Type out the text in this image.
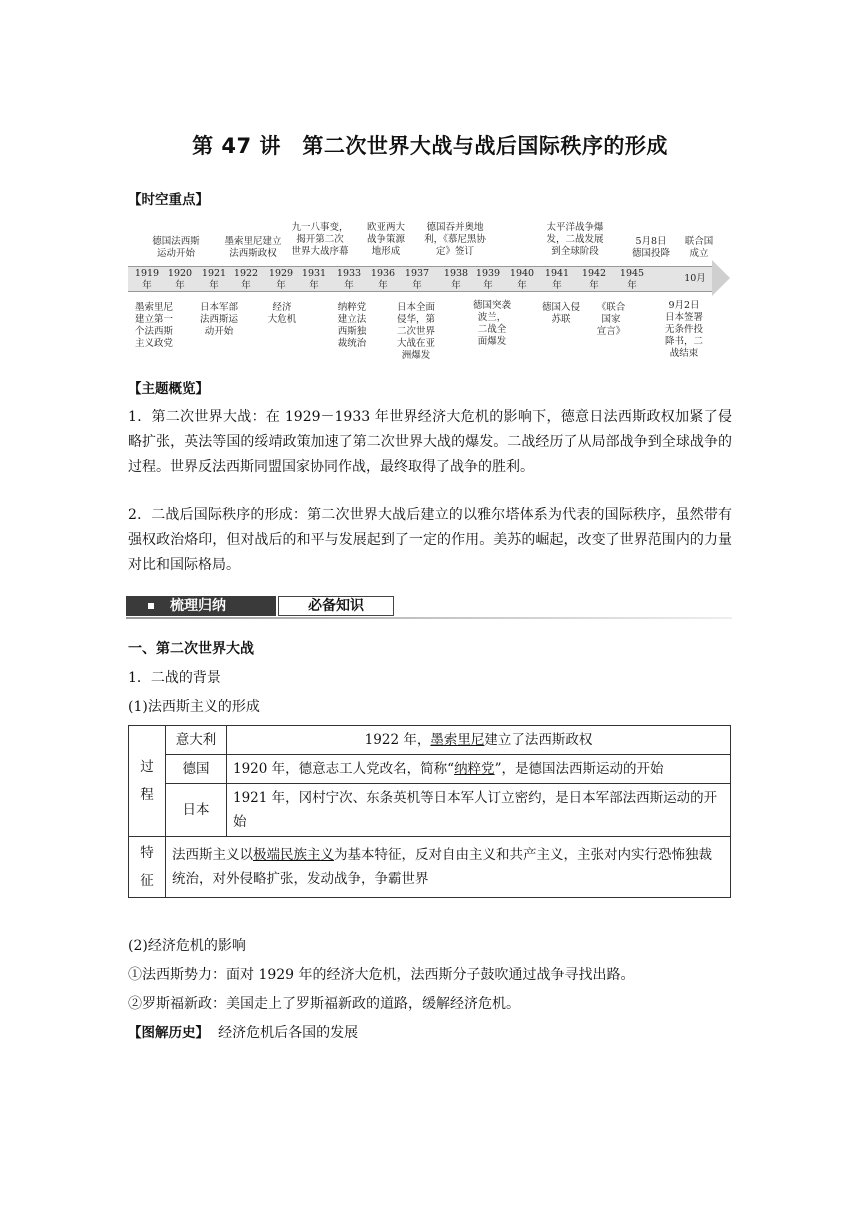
第 47 讲　第二次世界大战与战后国际秩序的形成
【时空重点】
德国法西斯
运动开始
墨索里尼建立
法西斯政权
九一八事变，
揭开第二次
世界大战序幕
欧亚两大
战争策源
地形成
德国吞并奥地
利，《慕尼黑协
定》签订
太平洋战争爆
发，二战发展
到全球阶段
5月8日
德国投降
联合国
成立
1919
年
1920
年
1921
年
1922
年
1929
年
1931
年
1933
年
1936
年
1937
年
1938
年
1939
年
1940
年
1941
年
1942
年
1945
年
10月
墨索里尼
建立第一
个法西斯
主义政党
日本军部
法西斯运
动开始
经济
大危机
纳粹党
建立法
西斯独
裁统治
日本全面
侵华，第
二次世界
大战在亚
洲爆发
德国突袭
波兰，
二战全
面爆发
德国入侵
苏联
《联合
国家
宣言》
9月2日
日本签署
无条件投
降书，二
战结束
【主题概览】
1．第二次世界大战：在 1929－1933 年世界经济大危机的影响下，德意日法西斯政权加紧了侵略扩张，英法等国的绥靖政策加速了第二次世界大战的爆发。二战经历了从局部战争到全球战争的过程。世界反法西斯同盟国家协同作战，最终取得了战争的胜利。
2．二战后国际秩序的形成：第二次世界大战后建立的以雅尔塔体系为代表的国际秩序，虽然带有强权政治烙印，但对战后的和平与发展起到了一定的作用。美苏的崛起，改变了世界范围内的力量对比和国际格局。
梳理归纳	必备知识
一、第二次世界大战
1．二战的背景
(1)法西斯主义的形成
过
程	意大利	1922 年，墨索里尼建立了法西斯政权
	德国	1920 年，德意志工人党改名，简称“纳粹党”，是德国法西斯运动的开始
	日本	1921 年，冈村宁次、东条英机等日本军人订立密约，是日本军部法西斯运动的开始
特
征	法西斯主义以极端民族主义为基本特征，反对自由主义和共产主义，主张对内实行恐怖独裁统治，对外侵略扩张，发动战争，争霸世界	
(2)经济危机的影响
①法西斯势力：面对 1929 年的经济大危机，法西斯分子鼓吹通过战争寻找出路。
②罗斯福新政：美国走上了罗斯福新政的道路，缓解经济危机。
【图解历史】 经济危机后各国的发展
